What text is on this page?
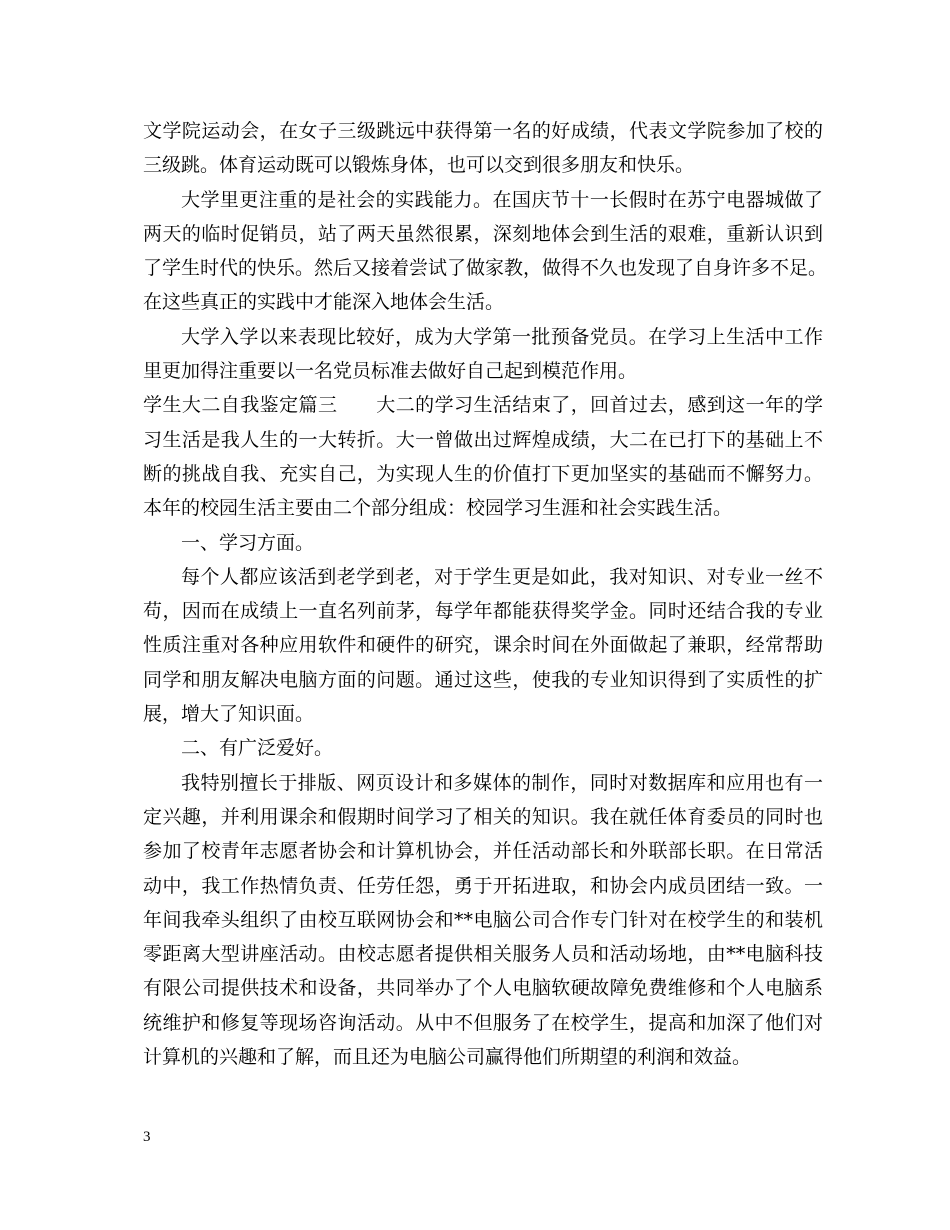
文学院运动会，在女子三级跳远中获得第一名的好成绩，代表文学院参加了校的
三级跳。体育运动既可以锻炼身体，也可以交到很多朋友和快乐。
大学里更注重的是社会的实践能力。在国庆节十一长假时在苏宁电器城做了
两天的临时促销员，站了两天虽然很累，深刻地体会到生活的艰难，重新认识到
了学生时代的快乐。然后又接着尝试了做家教，做得不久也发现了自身许多不足。
在这些真正的实践中才能深入地体会生活。
大学入学以来表现比较好，成为大学第一批预备党员。在学习上生活中工作
里更加得注重要以一名党员标准去做好自己起到模范作用。
学生大二自我鉴定篇三　　大二的学习生活结束了，回首过去，感到这一年的学
习生活是我人生的一大转折。大一曾做出过辉煌成绩，大二在已打下的基础上不
断的挑战自我、充实自己，为实现人生的价值打下更加坚实的基础而不懈努力。
本年的校园生活主要由二个部分组成：校园学习生涯和社会实践生活。
一、学习方面。
每个人都应该活到老学到老，对于学生更是如此，我对知识、对专业一丝不
苟，因而在成绩上一直名列前茅，每学年都能获得奖学金。同时还结合我的专业
性质注重对各种应用软件和硬件的研究，课余时间在外面做起了兼职，经常帮助
同学和朋友解决电脑方面的问题。通过这些，使我的专业知识得到了实质性的扩
展，增大了知识面。
二、有广泛爱好。
我特别擅长于排版、网页设计和多媒体的制作，同时对数据库和应用也有一
定兴趣，并利用课余和假期时间学习了相关的知识。我在就任体育委员的同时也
参加了校青年志愿者协会和计算机协会，并任活动部长和外联部长职。在日常活
动中，我工作热情负责、任劳任怨，勇于开拓进取，和协会内成员团结一致。一
年间我牵头组织了由校互联网协会和**电脑公司合作专门针对在校学生的和装机
零距离大型讲座活动。由校志愿者提供相关服务人员和活动场地，由**电脑科技
有限公司提供技术和设备，共同举办了个人电脑软硬故障免费维修和个人电脑系
统维护和修复等现场咨询活动。从中不但服务了在校学生，提高和加深了他们对
计算机的兴趣和了解，而且还为电脑公司赢得他们所期望的利润和效益。
3
